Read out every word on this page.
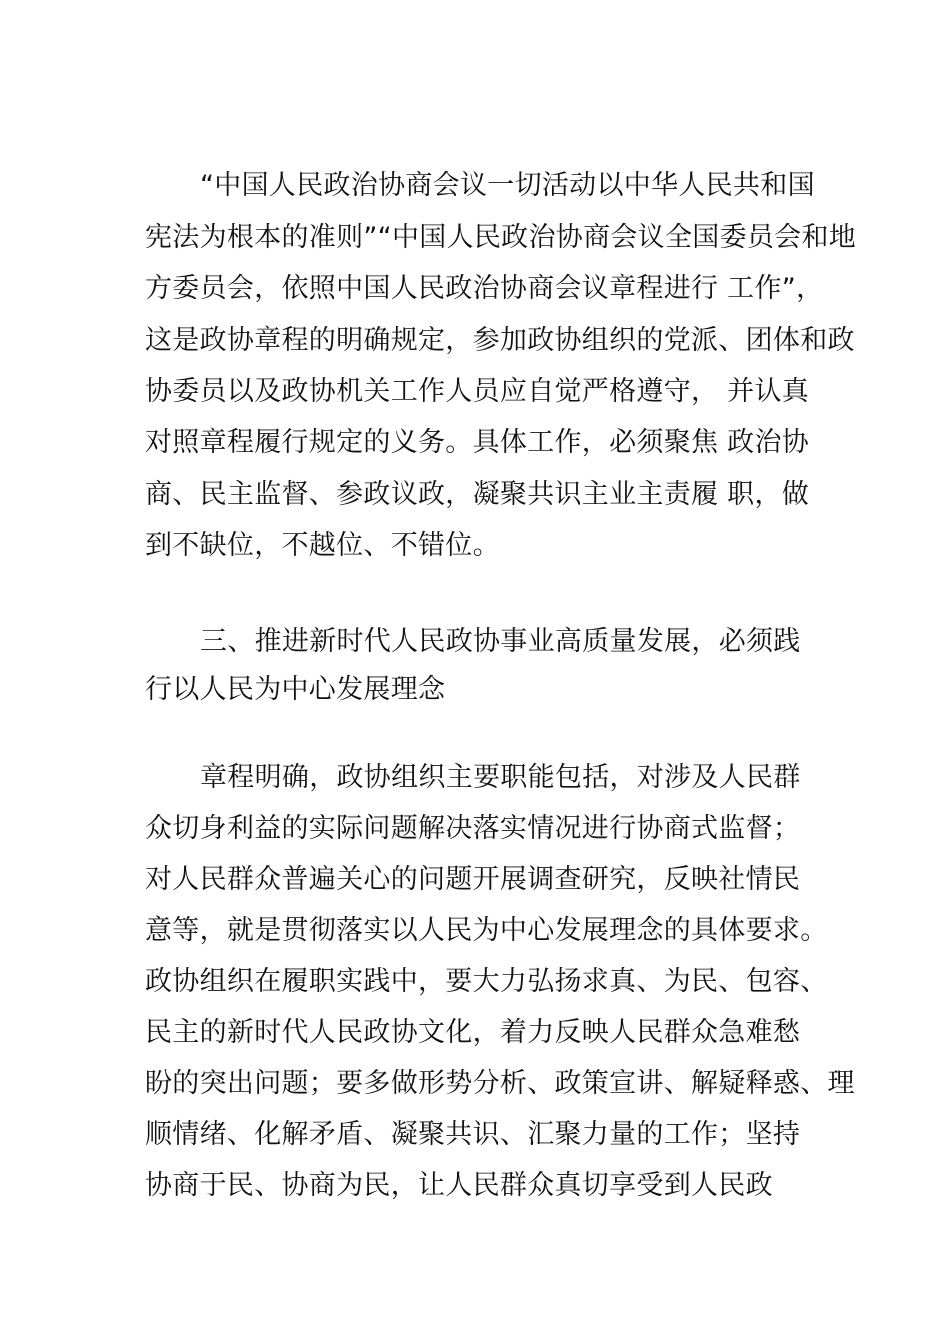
“中国人民政治协商会议一切活动以中华人民共和国
宪法为根本的准则”“中国人民政治协商会议全国委员会和地
方委员会，依照中国人民政治协商会议章程进行 工作”，
这是政协章程的明确规定，参加政协组织的党派、团体和政
协委员以及政协机关工作人员应自觉严格遵守， 并认真
对照章程履行规定的义务。具体工作，必须聚焦 政治协
商、民主监督、参政议政，凝聚共识主业主责履 职，做
到不缺位，不越位、不错位。
三、推进新时代人民政协事业高质量发展，必须践
行以人民为中心发展理念
章程明确，政协组织主要职能包括，对涉及人民群
众切身利益的实际问题解决落实情况进行协商式监督；
对人民群众普遍关心的问题开展调查研究，反映社情民
意等，就是贯彻落实以人民为中心发展理念的具体要求。
政协组织在履职实践中，要大力弘扬求真、为民、包容、
民主的新时代人民政协文化，着力反映人民群众急难愁
盼的突出问题；要多做形势分析、政策宣讲、解疑释惑、理
顺情绪、化解矛盾、凝聚共识、汇聚力量的工作；坚持
协商于民、协商为民，让人民群众真切享受到人民政
